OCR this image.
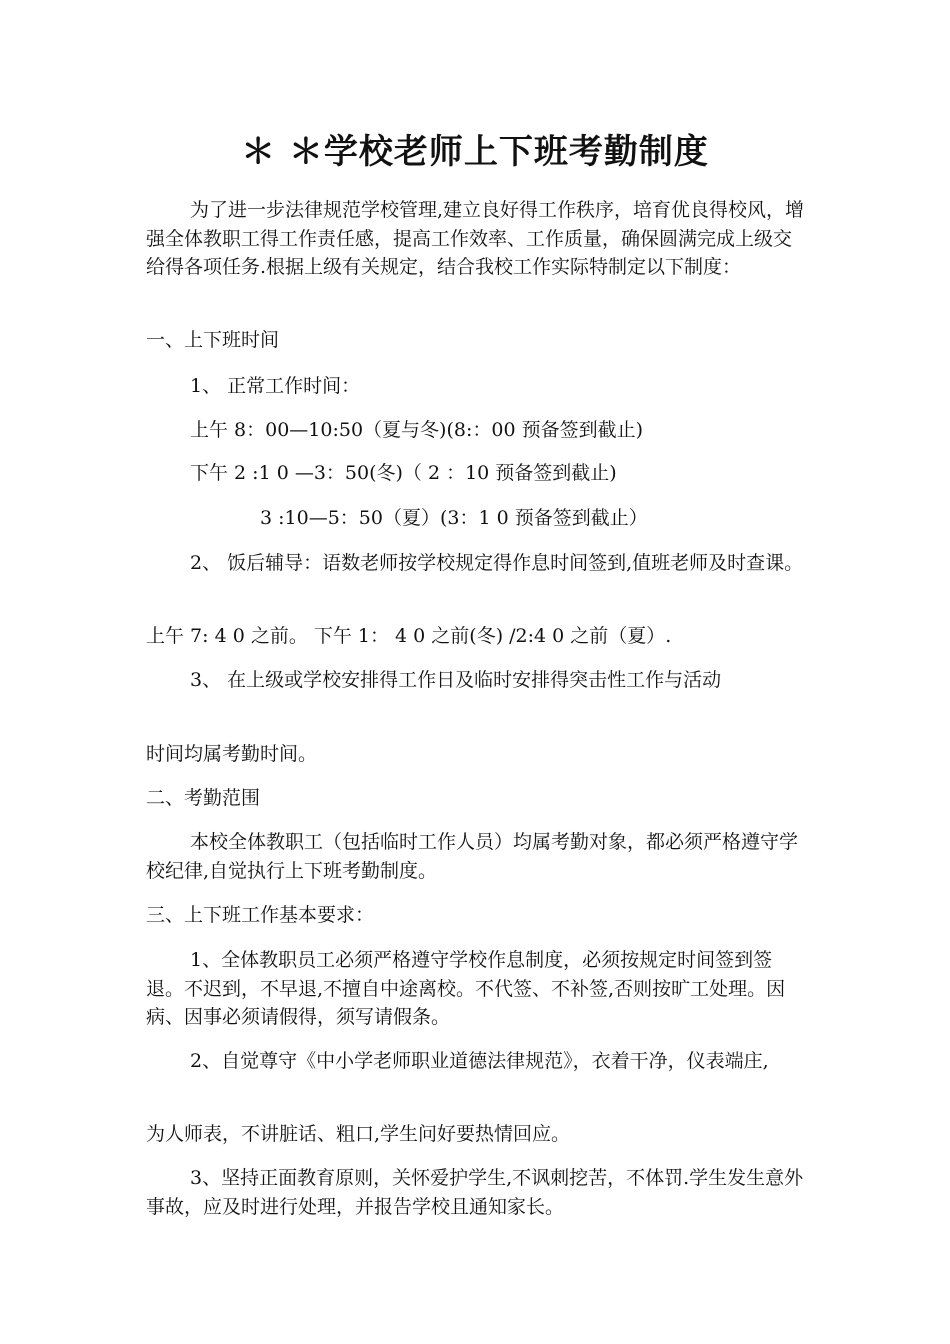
＊ ＊学校老师上下班考勤制度

为了进一步法律规范学校管理,建立良好得工作秩序，培育优良得校风，增强全体教职工得工作责任感，提高工作效率、工作质量，确保圆满完成上级交给得各项任务.根据上级有关规定，结合我校工作实际特制定以下制度：

一、上下班时间

1、 正常工作时间：

上午 8：00—10:50（夏与冬)(8:：00 预备签到截止)

下午 2 :1 0 —3：50(冬)（ 2 ：10 预备签到截止)

3 :10—5：50（夏）(3：1 0 预备签到截止）

2、 饭后辅导：语数老师按学校规定得作息时间签到,值班老师及时查课。

上午 7: 4 0 之前。 下午 1： 4 0 之前(冬) /2:4 0 之前（夏）.

3、 在上级或学校安排得工作日及临时安排得突击性工作与活动

时间均属考勤时间。

二、考勤范围

本校全体教职工（包括临时工作人员）均属考勤对象，都必须严格遵守学校纪律,自觉执行上下班考勤制度。

三、上下班工作基本要求：

1、全体教职员工必须严格遵守学校作息制度，必须按规定时间签到签退。不迟到，不早退,不擅自中途离校。不代签、不补签,否则按旷工处理。因病、因事必须请假得，须写请假条。

2、自觉尊守《中小学老师职业道德法律规范》，衣着干净，仪表端庄,

为人师表，不讲脏话、粗口,学生问好要热情回应。

3、坚持正面教育原则，关怀爱护学生,不讽刺挖苦，不体罚.学生发生意外事故，应及时进行处理，并报告学校且通知家长。
